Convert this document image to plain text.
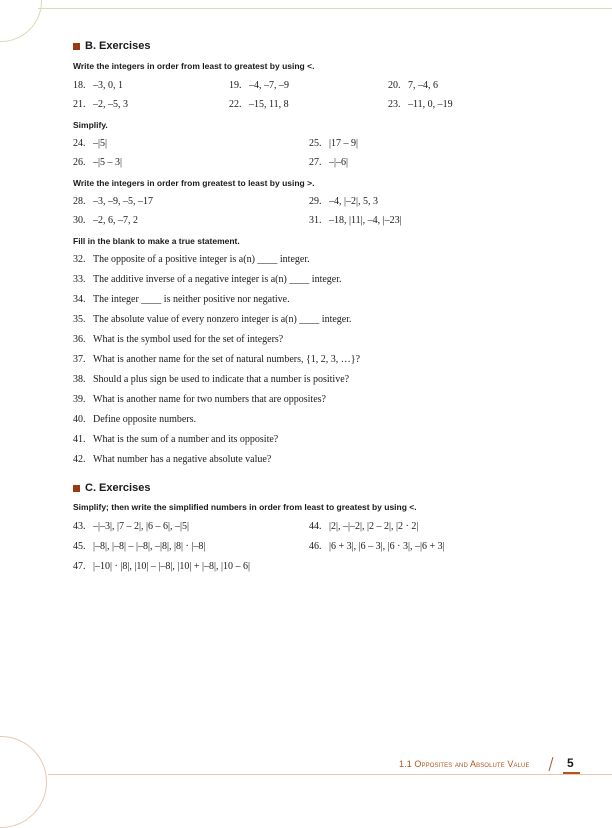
B. Exercises
Write the integers in order from least to greatest by using <.
18. –3, 0, 1	19. –4, –7, –9	20. 7, –4, 6
21. –2, –5, 3	22. –15, 11, 8	23. –11, 0, –19
Simplify.
24. –|5|	25. |17 – 9|
26. –|5 – 3|	27. –|–6|
Write the integers in order from greatest to least by using >.
28. –3, –9, –5, –17	29. –4, |–2|, 5, 3
30. –2, 6, –7, 2	31. –18, |11|, –4, |–23|
Fill in the blank to make a true statement.
32. The opposite of a positive integer is a(n) ____ integer.
33. The additive inverse of a negative integer is a(n) ____ integer.
34. The integer ____ is neither positive nor negative.
35. The absolute value of every nonzero integer is a(n) ____ integer.
36. What is the symbol used for the set of integers?
37. What is another name for the set of natural numbers, {1, 2, 3, …}?
38. Should a plus sign be used to indicate that a number is positive?
39. What is another name for two numbers that are opposites?
40. Define opposite numbers.
41. What is the sum of a number and its opposite?
42. What number has a negative absolute value?
C. Exercises
Simplify; then write the simplified numbers in order from least to greatest by using <.
43. –|–3|, |7 – 2|, |6 – 6|, –|5|	44. |2|, –|–2|, |2 – 2|, |2 · 2|
45. |–8|, |–8| – |–8|, –|8|, |8| · |–8|	46. |6 + 3|, |6 – 3|, |6 · 3|, –|6 + 3|
47. |–10| · |8|, |10| – |–8|, |10| + |–8|, |10 – 6|
1.1 Opposites and Absolute Value	5
